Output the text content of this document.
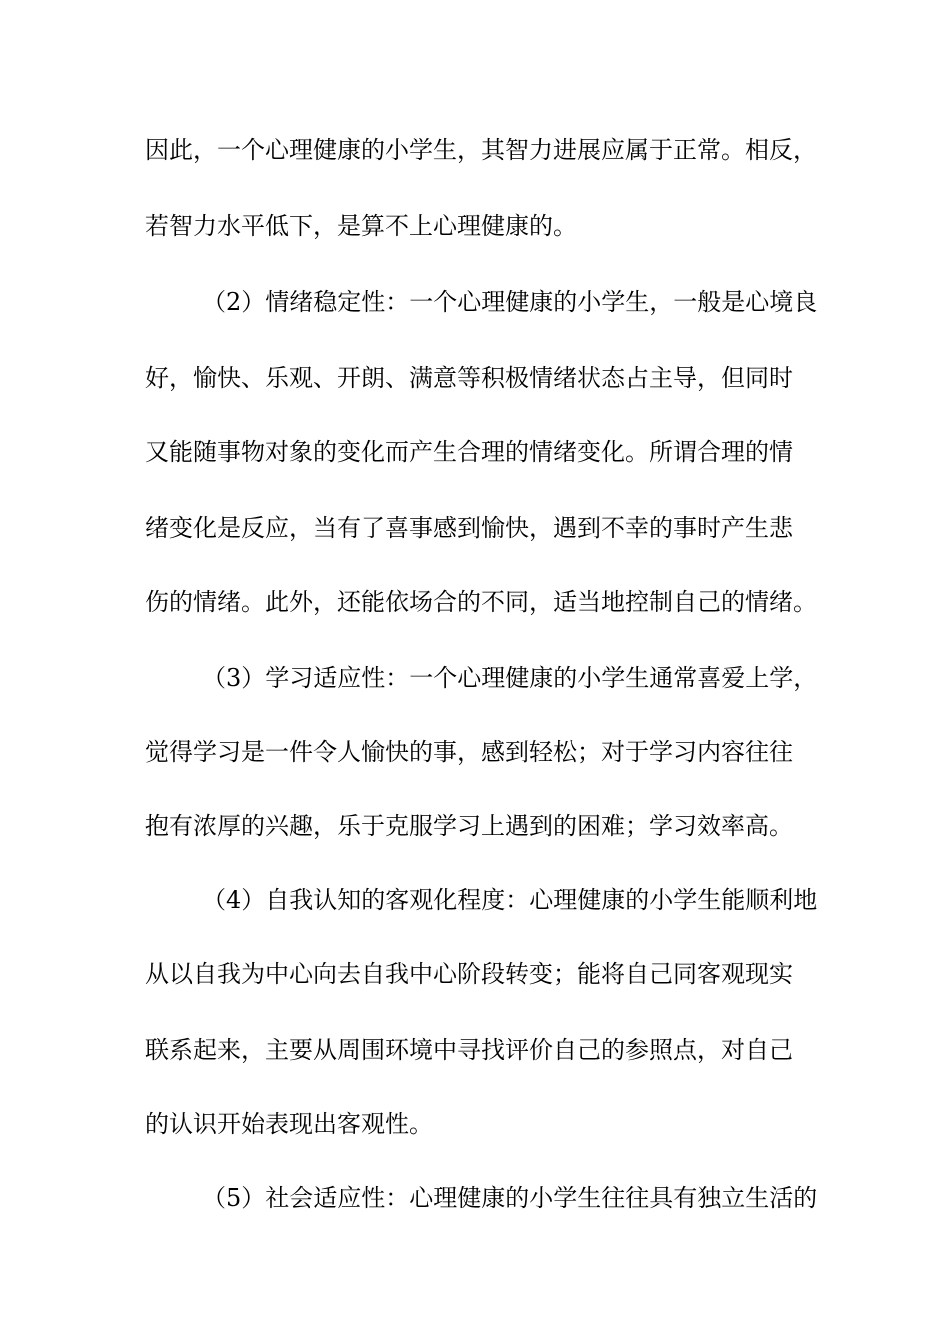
因此，一个心理健康的小学生，其智力进展应属于正常。相反，
若智力水平低下，是算不上心理健康的。
（2）情绪稳定性：一个心理健康的小学生，一般是心境良
好，愉快、乐观、开朗、满意等积极情绪状态占主导，但同时
又能随事物对象的变化而产生合理的情绪变化。所谓合理的情
绪变化是反应，当有了喜事感到愉快，遇到不幸的事时产生悲
伤的情绪。此外，还能依场合的不同，适当地控制自己的情绪。
（3）学习适应性：一个心理健康的小学生通常喜爱上学，
觉得学习是一件令人愉快的事，感到轻松；对于学习内容往往
抱有浓厚的兴趣，乐于克服学习上遇到的困难；学习效率高。
（4）自我认知的客观化程度：心理健康的小学生能顺利地
从以自我为中心向去自我中心阶段转变；能将自己同客观现实
联系起来，主要从周围环境中寻找评价自己的参照点，对自己
的认识开始表现出客观性。
（5）社会适应性：心理健康的小学生往往具有独立生活的
